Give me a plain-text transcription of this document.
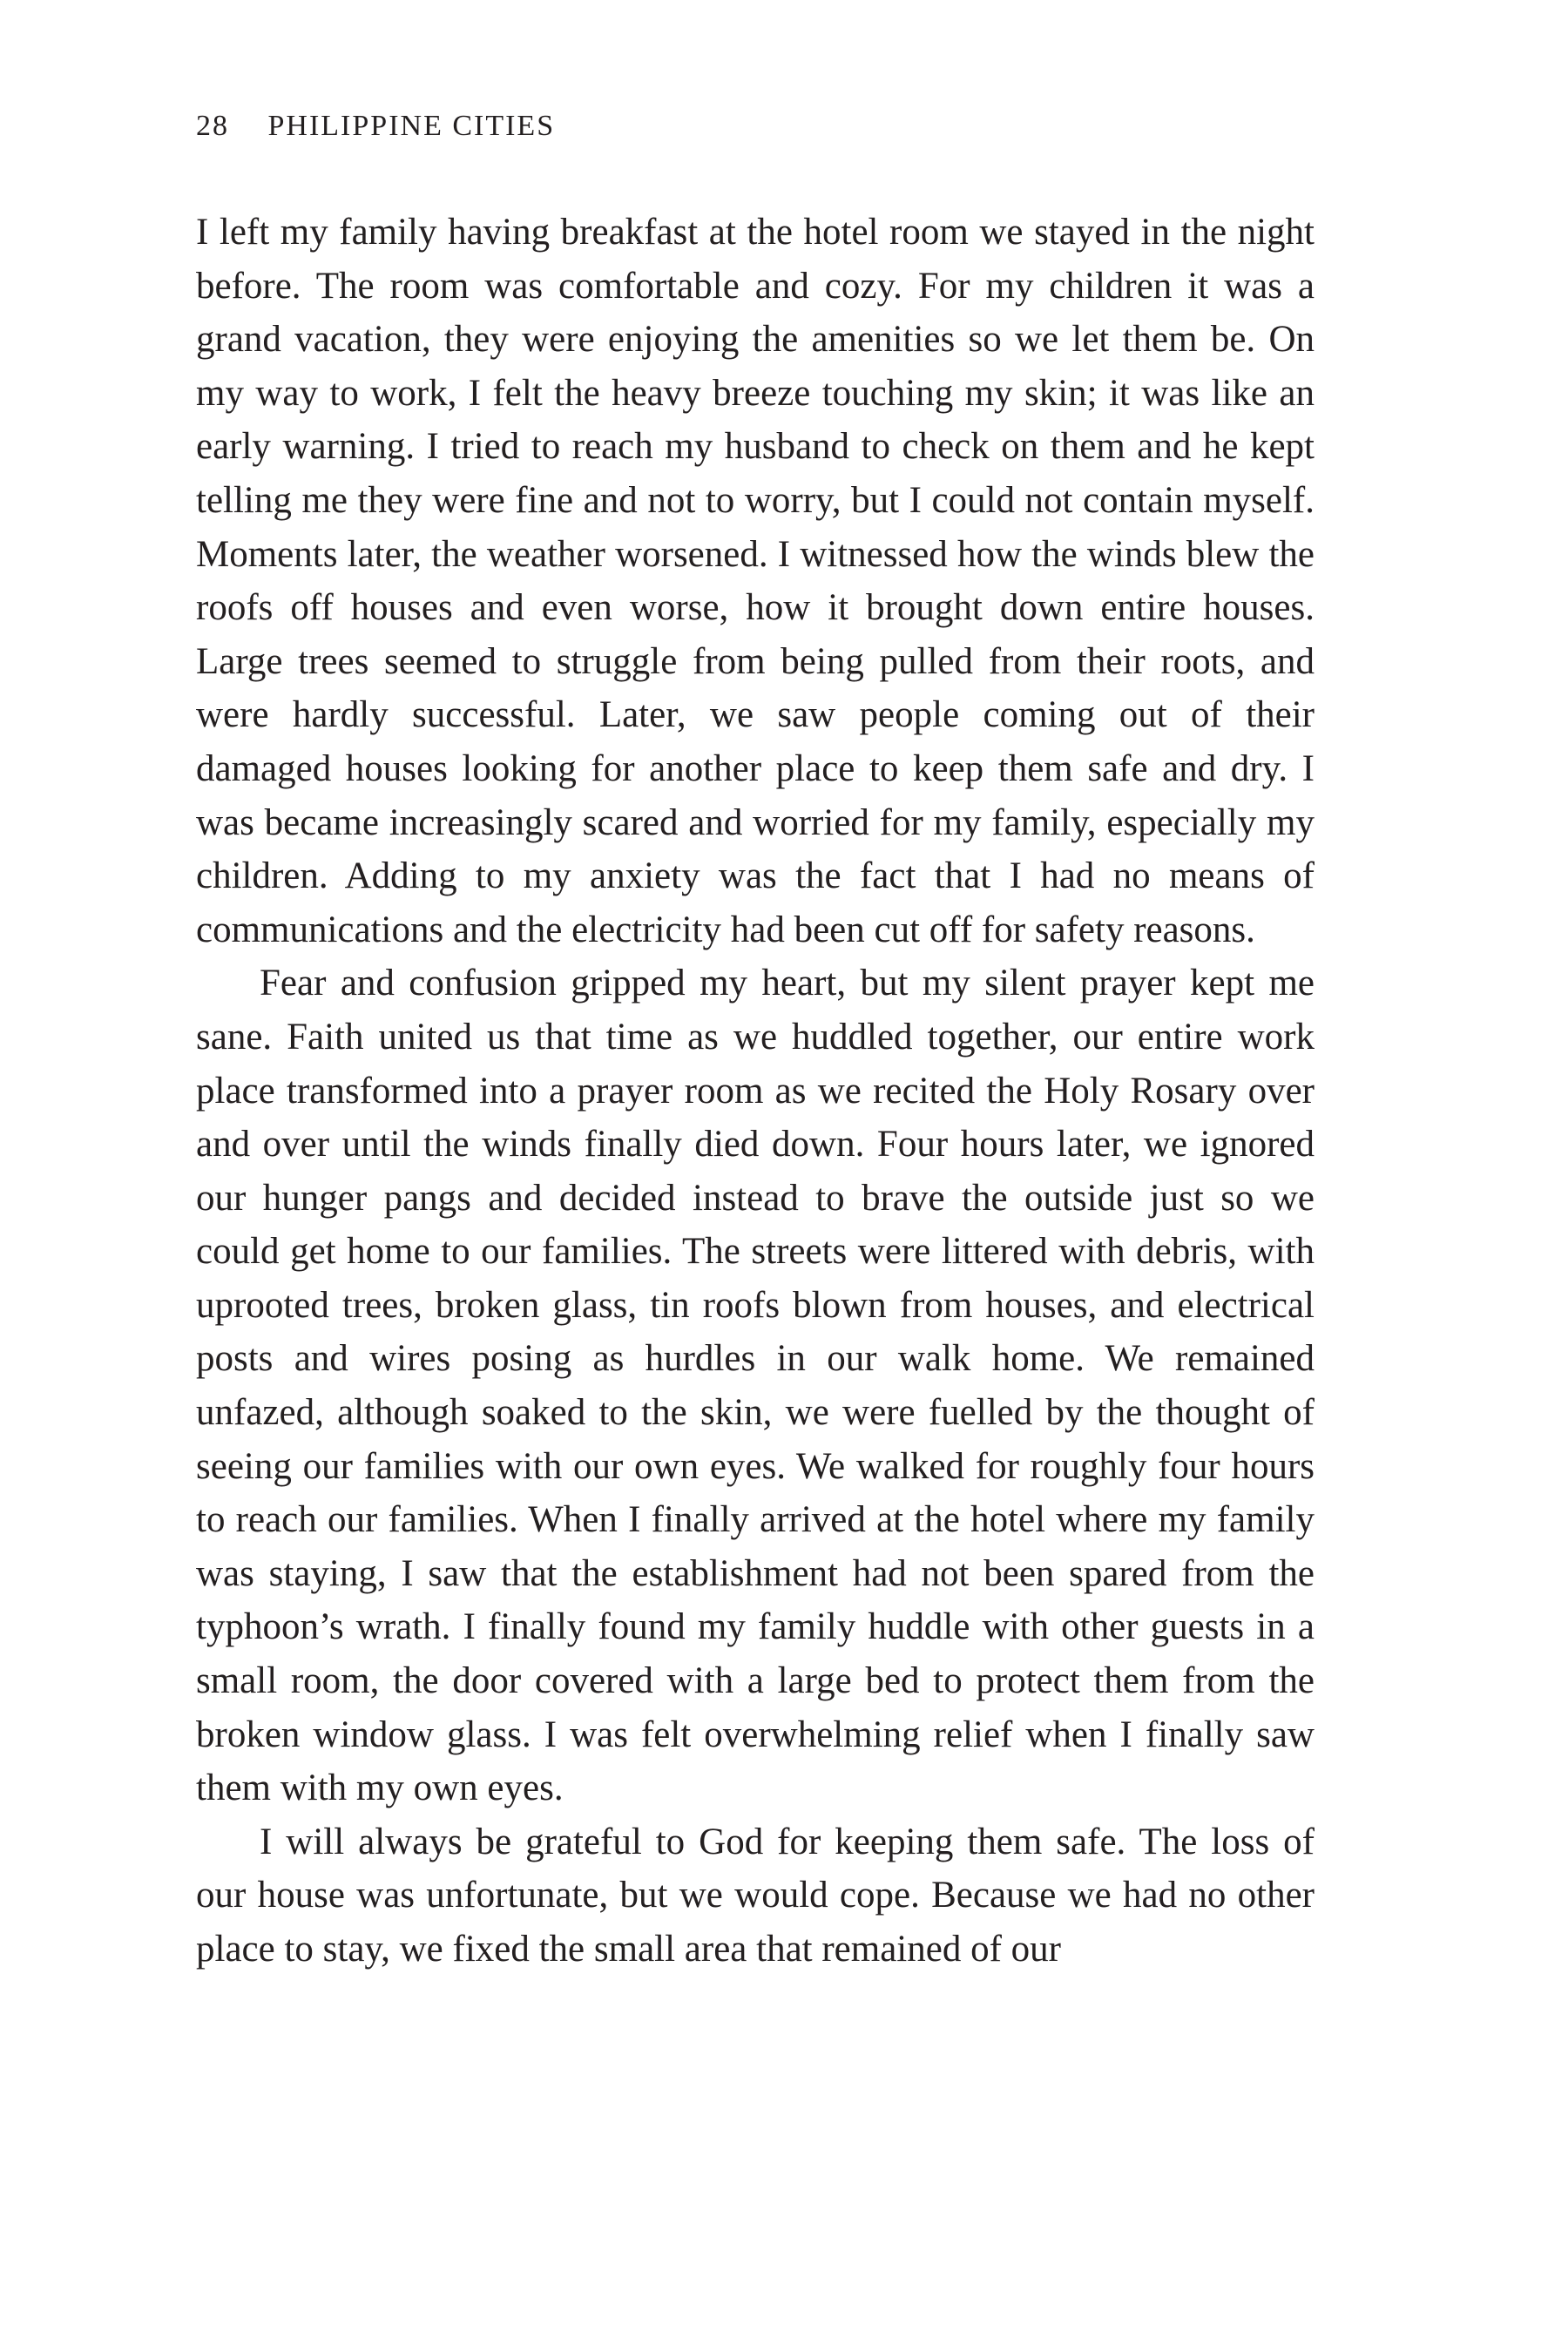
28 PHILIPPINE CITIES

I left my family having breakfast at the hotel room we stayed in the night before. The room was comfortable and cozy. For my children it was a grand vacation, they were enjoying the amenities so we let them be. On my way to work, I felt the heavy breeze touching my skin; it was like an early warning. I tried to reach my husband to check on them and he kept telling me they were fine and not to worry, but I could not contain myself. Moments later, the weather worsened. I witnessed how the winds blew the roofs off houses and even worse, how it brought down entire houses. Large trees seemed to struggle from being pulled from their roots, and were hardly successful. Later, we saw people coming out of their damaged houses looking for another place to keep them safe and dry. I was became increasingly scared and worried for my family, especially my children. Adding to my anxiety was the fact that I had no means of communications and the electricity had been cut off for safety reasons.

Fear and confusion gripped my heart, but my silent prayer kept me sane. Faith united us that time as we huddled together, our entire work place transformed into a prayer room as we recited the Holy Rosary over and over until the winds finally died down. Four hours later, we ignored our hunger pangs and decided instead to brave the outside just so we could get home to our families. The streets were littered with debris, with uprooted trees, broken glass, tin roofs blown from houses, and electrical posts and wires posing as hurdles in our walk home. We remained unfazed, although soaked to the skin, we were fuelled by the thought of seeing our families with our own eyes. We walked for roughly four hours to reach our families. When I finally arrived at the hotel where my family was staying, I saw that the establishment had not been spared from the typhoon’s wrath. I finally found my family huddle with other guests in a small room, the door covered with a large bed to protect them from the broken window glass. I was felt overwhelming relief when I finally saw them with my own eyes.

I will always be grateful to God for keeping them safe. The loss of our house was unfortunate, but we would cope. Because we had no other place to stay, we fixed the small area that remained of our
